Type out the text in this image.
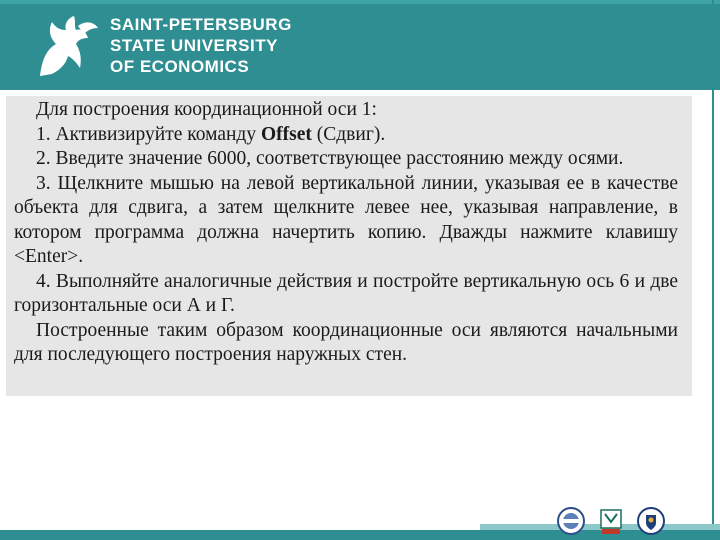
SAINT-PETERSBURG
STATE UNIVERSITY
OF ECONOMICS

Для построения координационной оси 1:

1. Активизируйте команду Offset (Сдвиг).

2. Введите значение 6000, соответствующее расстоянию между осями.

3. Щелкните мышью на левой вертикальной линии, указывая ее в качестве объекта для сдвига, а затем щелкните левее нее, указывая направление, в котором программа должна начертить копию. Дважды нажмите клавишу <Enter>.

4. Выполняйте аналогичные действия и постройте вертикальную ось 6 и две горизонтальные оси А и Г.

Построенные таким образом координационные оси являются начальными для последующего построения наружных стен.
